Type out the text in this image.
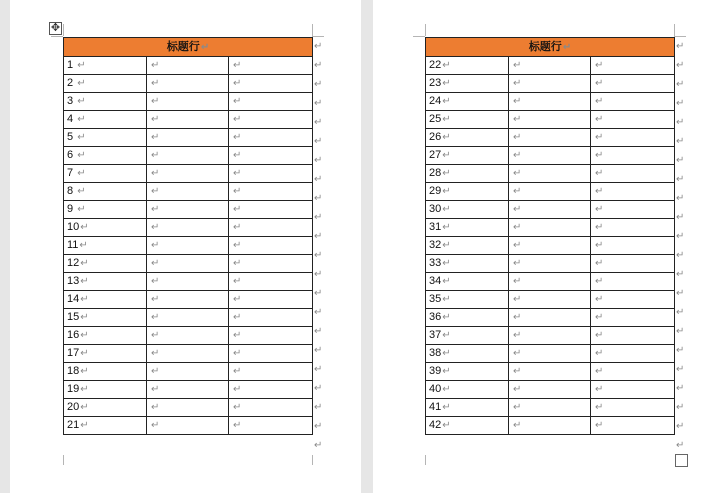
✥
标题行↵		
1 ↵	↵	↵
2 ↵	↵	↵
3 ↵	↵	↵
4 ↵	↵	↵
5 ↵	↵	↵
6 ↵	↵	↵
7 ↵	↵	↵
8 ↵	↵	↵
9 ↵	↵	↵
10↵	↵	↵
11↵	↵	↵
12↵	↵	↵
13↵	↵	↵
14↵	↵	↵
15↵	↵	↵
16↵	↵	↵
17↵	↵	↵
18↵	↵	↵
19↵	↵	↵
20↵	↵	↵
21↵	↵	↵
标题行↵		
22↵	↵	↵
23↵	↵	↵
24↵	↵	↵
25↵	↵	↵
26↵	↵	↵
27↵	↵	↵
28↵	↵	↵
29↵	↵	↵
30↵	↵	↵
31↵	↵	↵
32↵	↵	↵
33↵	↵	↵
34↵	↵	↵
35↵	↵	↵
36↵	↵	↵
37↵	↵	↵
38↵	↵	↵
39↵	↵	↵
40↵	↵	↵
41↵	↵	↵
42↵	↵	↵
↵
↵
↵
↵
↵
↵
↵
↵
↵
↵
↵
↵
↵
↵
↵
↵
↵
↵
↵
↵
↵
↵
↵
↵
↵
↵
↵
↵
↵
↵
↵
↵
↵
↵
↵
↵
↵
↵
↵
↵
↵
↵
↵
↵
